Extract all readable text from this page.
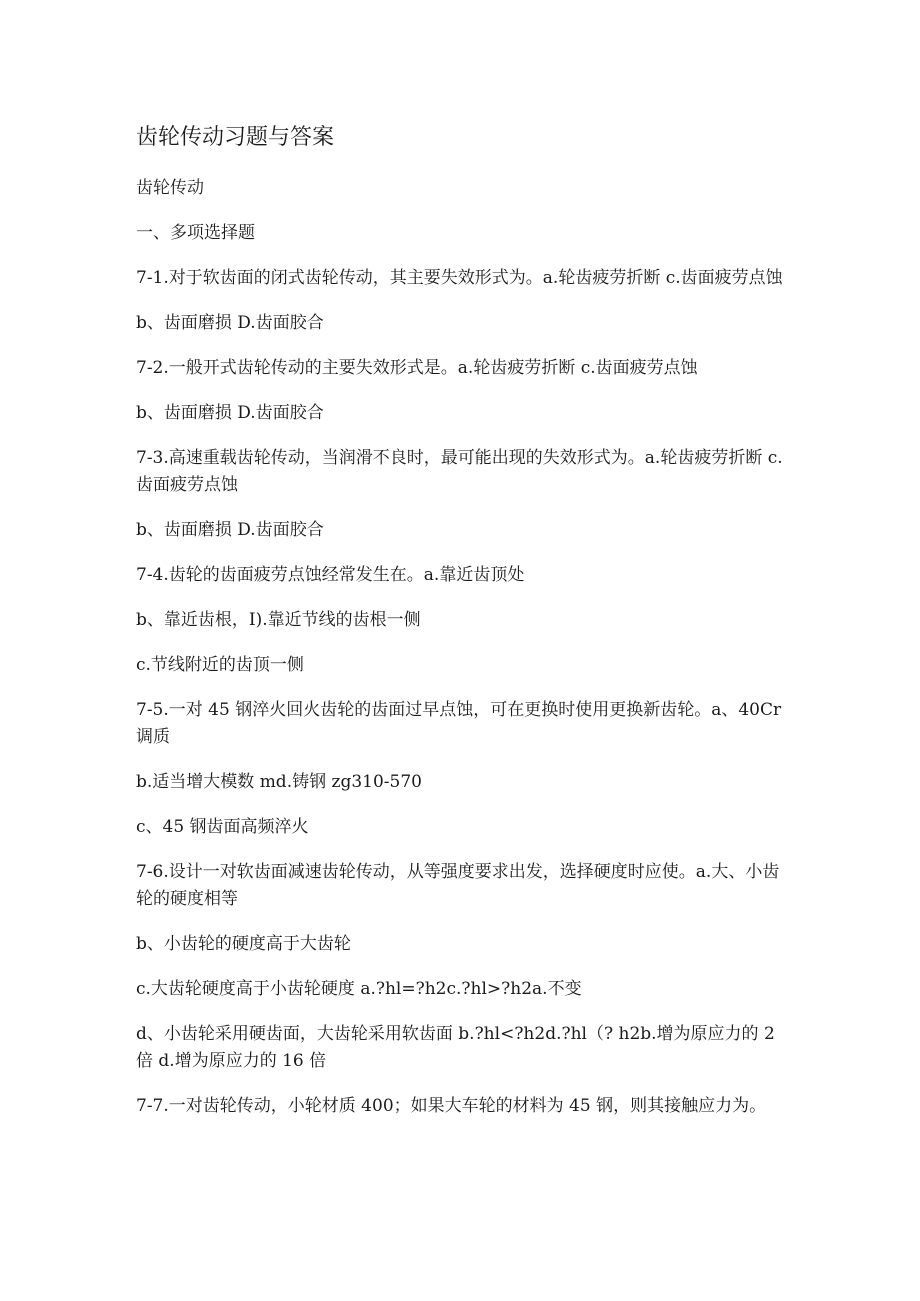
齿轮传动习题与答案
齿轮传动
一、多项选择题
7-1.对于软齿面的闭式齿轮传动，其主要失效形式为。a.轮齿疲劳折断 c.齿面疲劳点蚀
b、齿面磨损 D.齿面胶合
7-2.一般开式齿轮传动的主要失效形式是。a.轮齿疲劳折断 c.齿面疲劳点蚀
b、齿面磨损 D.齿面胶合
7-3.高速重载齿轮传动，当润滑不良时，最可能出现的失效形式为。a.轮齿疲劳折断 c.齿面疲劳点蚀
b、齿面磨损 D.齿面胶合
7-4.齿轮的齿面疲劳点蚀经常发生在。a.靠近齿顶处
b、靠近齿根，I).靠近节线的齿根一侧
c.节线附近的齿顶一侧
7-5.一对 45 钢淬火回火齿轮的齿面过早点蚀，可在更换时使用更换新齿轮。a、40Cr 调质
b.适当增大模数 md.铸钢 zg310-570
c、45 钢齿面高频淬火
7-6.设计一对软齿面减速齿轮传动，从等强度要求出发，选择硬度时应使。a.大、小齿轮的硬度相等
b、小齿轮的硬度高于大齿轮
c.大齿轮硬度高于小齿轮硬度 a.?hl=?h2c.?hl>?h2a.不变
d、小齿轮采用硬齿面，大齿轮采用软齿面 b.?hl<?h2d.?hl（? h2b.增为原应力的 2 倍 d.增为原应力的 16 倍
7-7.一对齿轮传动，小轮材质 400；如果大车轮的材料为 45 钢，则其接触应力为。
